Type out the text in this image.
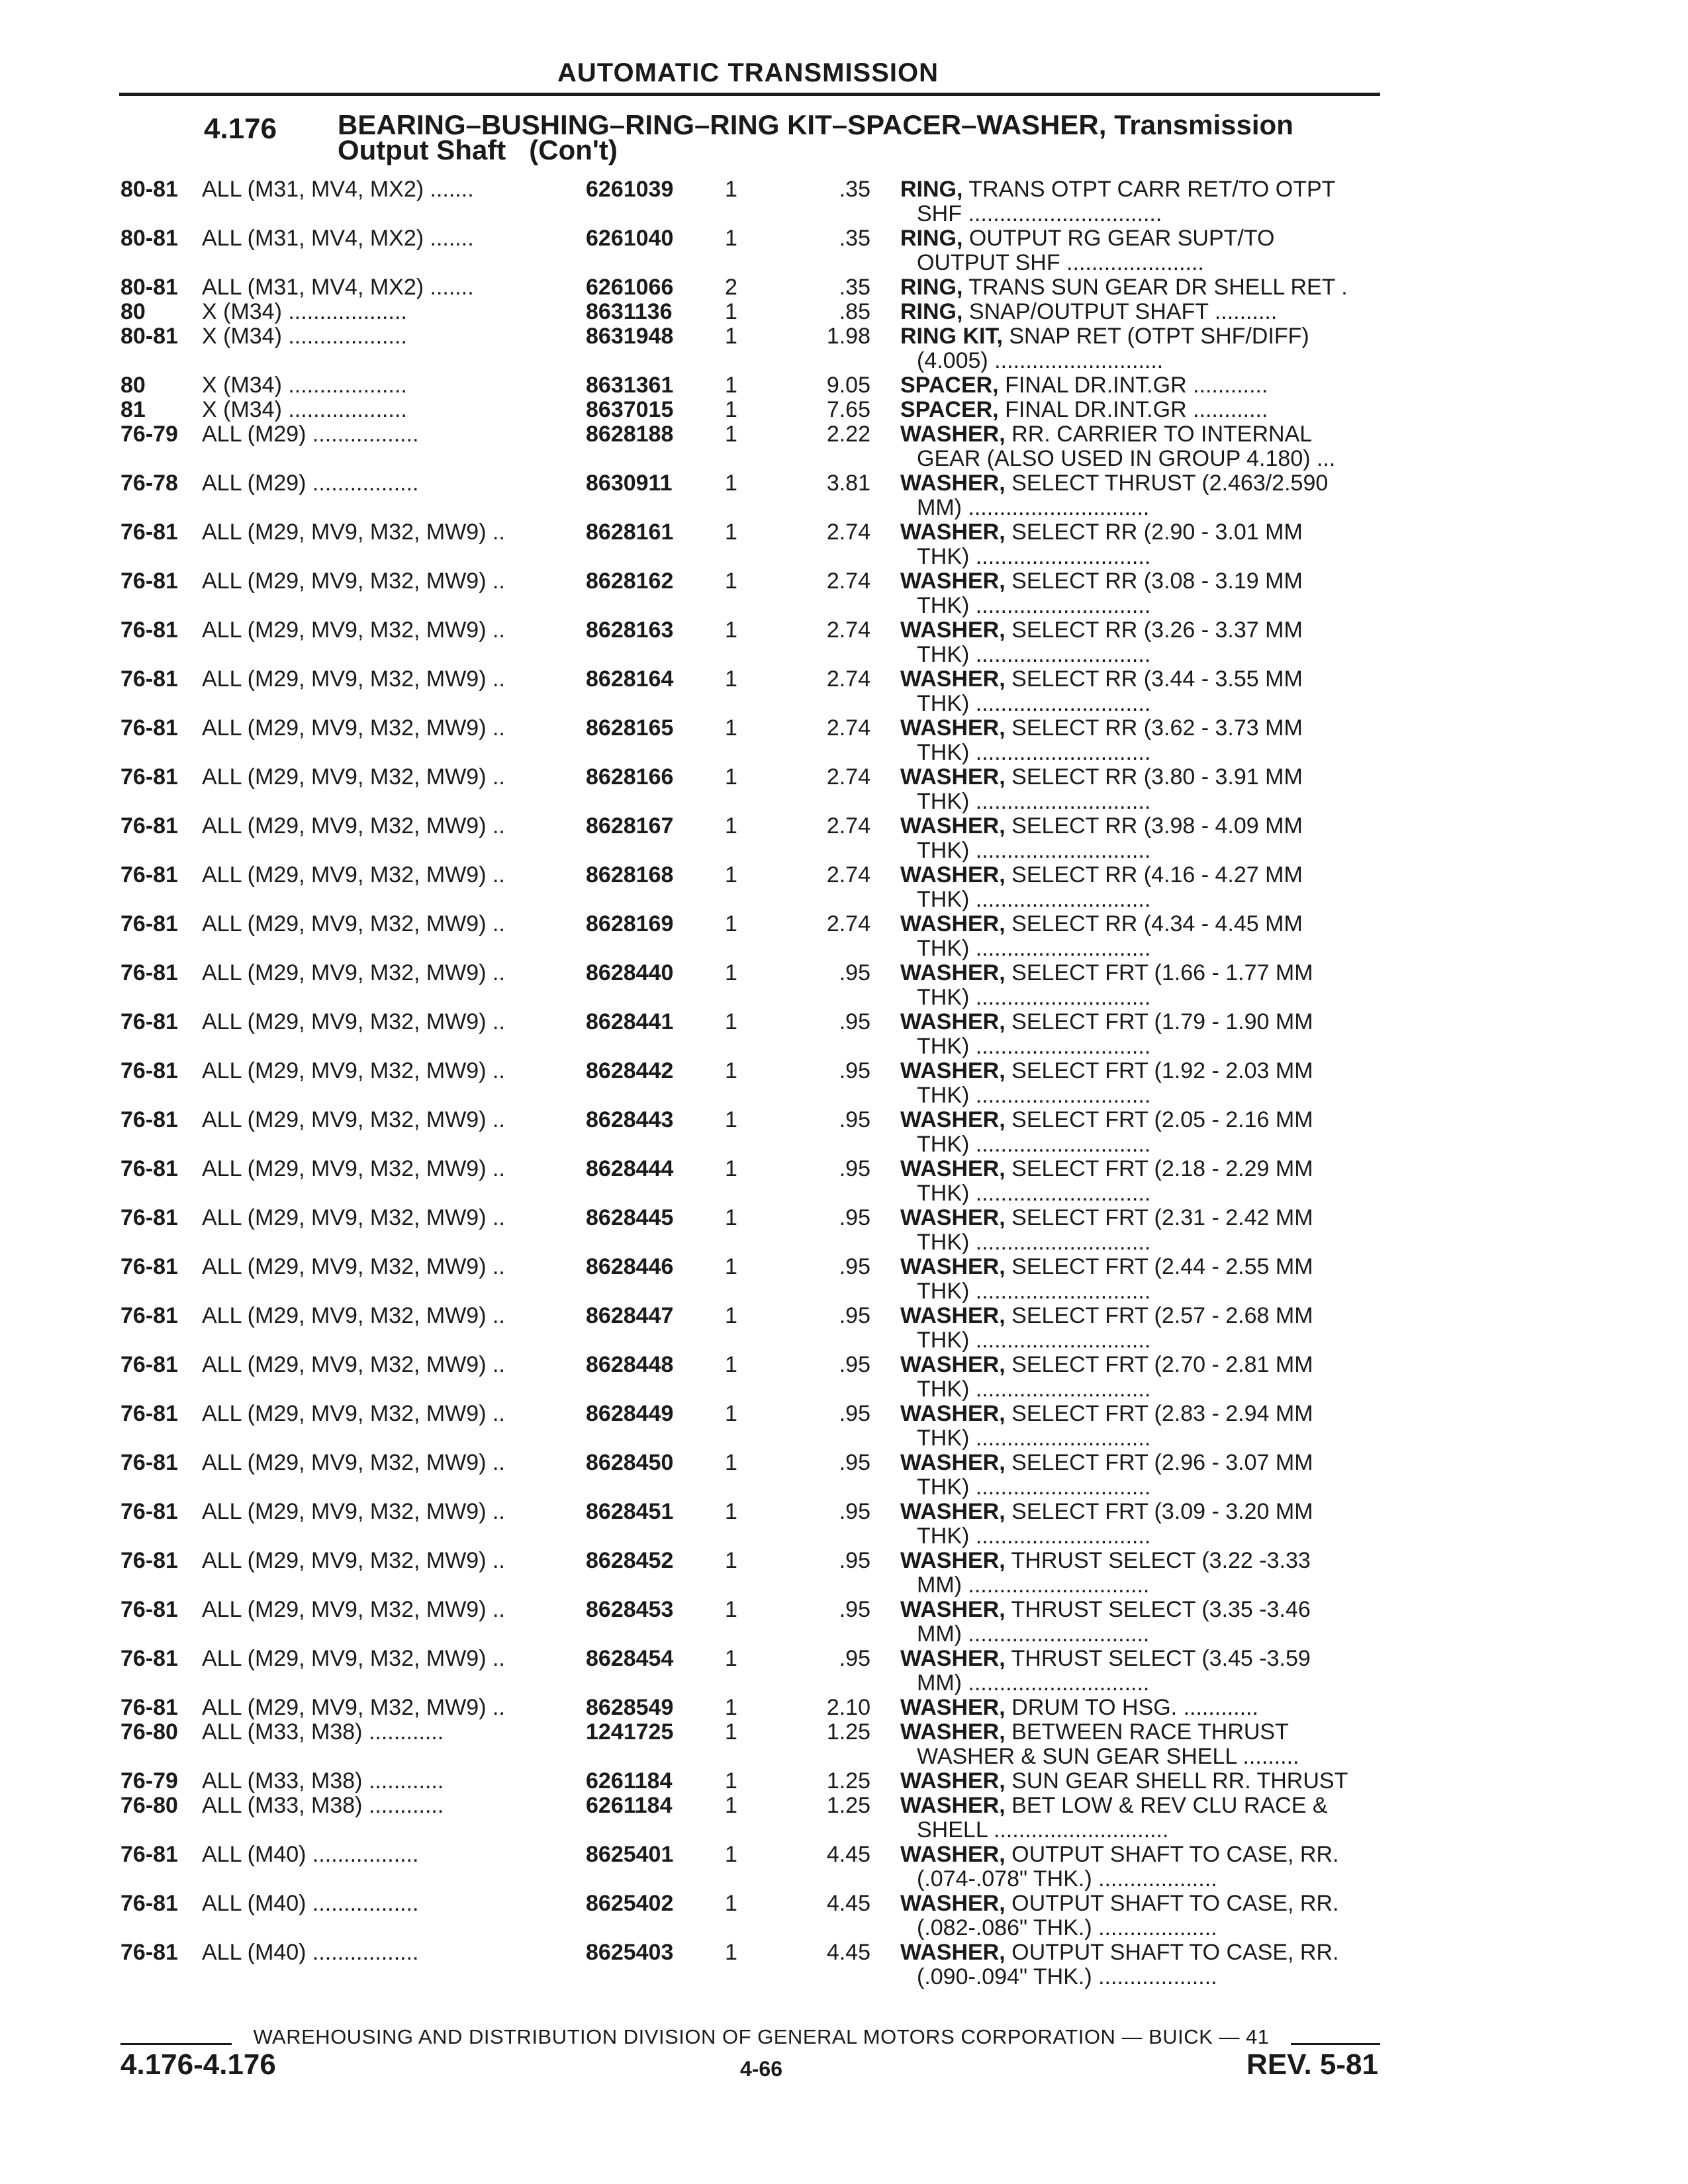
AUTOMATIC TRANSMISSION
4.176 BEARING–BUSHING–RING–RING KIT–SPACER–WASHER, Transmission
Output Shaft (Con't)
80-81 ALL (M31, MV4, MX2) .......	6261039 1	.35 RING, TRANS OTPT CARR RET/TO OTPT
SHF ...............................
80-81 ALL (M31, MV4, MX2) .......	6261040 1	.35 RING, OUTPUT RG GEAR SUPT/TO
OUTPUT SHF ......................
80-81 ALL (M31, MV4, MX2) .......	6261066 2	.35 RING, TRANS SUN GEAR DR SHELL RET .
80	X (M34) ...................	8631136 1	.85 RING, SNAP/OUTPUT SHAFT ..........
80-81 X (M34) ...................	8631948 1	1.98 RING KIT, SNAP RET (OTPT SHF/DIFF)
(4.005) ...........................
80	X (M34) ...................	8631361 1	9.05 SPACER, FINAL DR.INT.GR ............
81	X (M34) ...................	8637015 1	7.65 SPACER, FINAL DR.INT.GR ............
76-79 ALL (M29) .................	8628188 1	2.22 WASHER, RR. CARRIER TO INTERNAL
GEAR (ALSO USED IN GROUP 4.180) ...
76-78 ALL (M29) .................	8630911 1	3.81 WASHER, SELECT THRUST (2.463/2.590
MM) .............................
76-81 ALL (M29, MV9, M32, MW9) ..	8628161 1	2.74 WASHER, SELECT RR (2.90 - 3.01 MM
THK) ............................
76-81 ALL (M29, MV9, M32, MW9) ..	8628162 1	2.74 WASHER, SELECT RR (3.08 - 3.19 MM
THK) ............................
76-81 ALL (M29, MV9, M32, MW9) ..	8628163 1	2.74 WASHER, SELECT RR (3.26 - 3.37 MM
THK) ............................
76-81 ALL (M29, MV9, M32, MW9) ..	8628164 1	2.74 WASHER, SELECT RR (3.44 - 3.55 MM
THK) ............................
76-81 ALL (M29, MV9, M32, MW9) ..	8628165 1	2.74 WASHER, SELECT RR (3.62 - 3.73 MM
THK) ............................
76-81 ALL (M29, MV9, M32, MW9) ..	8628166 1	2.74 WASHER, SELECT RR (3.80 - 3.91 MM
THK) ............................
76-81 ALL (M29, MV9, M32, MW9) ..	8628167 1	2.74 WASHER, SELECT RR (3.98 - 4.09 MM
THK) ............................
76-81 ALL (M29, MV9, M32, MW9) ..	8628168 1	2.74 WASHER, SELECT RR (4.16 - 4.27 MM
THK) ............................
76-81 ALL (M29, MV9, M32, MW9) ..	8628169 1	2.74 WASHER, SELECT RR (4.34 - 4.45 MM
THK) ............................
76-81 ALL (M29, MV9, M32, MW9) ..	8628440 1	.95 WASHER, SELECT FRT (1.66 - 1.77 MM
THK) ............................
76-81 ALL (M29, MV9, M32, MW9) ..	8628441 1	.95 WASHER, SELECT FRT (1.79 - 1.90 MM
THK) ............................
76-81 ALL (M29, MV9, M32, MW9) ..	8628442 1	.95 WASHER, SELECT FRT (1.92 - 2.03 MM
THK) ............................
76-81 ALL (M29, MV9, M32, MW9) ..	8628443 1	.95 WASHER, SELECT FRT (2.05 - 2.16 MM
THK) ............................
76-81 ALL (M29, MV9, M32, MW9) ..	8628444 1	.95 WASHER, SELECT FRT (2.18 - 2.29 MM
THK) ............................
76-81 ALL (M29, MV9, M32, MW9) ..	8628445 1	.95 WASHER, SELECT FRT (2.31 - 2.42 MM
THK) ............................
76-81 ALL (M29, MV9, M32, MW9) ..	8628446 1	.95 WASHER, SELECT FRT (2.44 - 2.55 MM
THK) ............................
76-81 ALL (M29, MV9, M32, MW9) ..	8628447 1	.95 WASHER, SELECT FRT (2.57 - 2.68 MM
THK) ............................
76-81 ALL (M29, MV9, M32, MW9) ..	8628448 1	.95 WASHER, SELECT FRT (2.70 - 2.81 MM
THK) ............................
76-81 ALL (M29, MV9, M32, MW9) ..	8628449 1	.95 WASHER, SELECT FRT (2.83 - 2.94 MM
THK) ............................
76-81 ALL (M29, MV9, M32, MW9) ..	8628450 1	.95 WASHER, SELECT FRT (2.96 - 3.07 MM
THK) ............................
76-81 ALL (M29, MV9, M32, MW9) ..	8628451 1	.95 WASHER, SELECT FRT (3.09 - 3.20 MM
THK) ............................
76-81 ALL (M29, MV9, M32, MW9) ..	8628452 1	.95 WASHER, THRUST SELECT (3.22 -3.33
MM) .............................
76-81 ALL (M29, MV9, M32, MW9) ..	8628453 1	.95 WASHER, THRUST SELECT (3.35 -3.46
MM) .............................
76-81 ALL (M29, MV9, M32, MW9) ..	8628454 1	.95 WASHER, THRUST SELECT (3.45 -3.59
MM) .............................
76-81 ALL (M29, MV9, M32, MW9) ..	8628549 1	2.10 WASHER, DRUM TO HSG. ............
76-80 ALL (M33, M38) ............	1241725 1	1.25 WASHER, BETWEEN RACE THRUST
WASHER & SUN GEAR SHELL .........
76-79 ALL (M33, M38) ............	6261184 1	1.25 WASHER, SUN GEAR SHELL RR. THRUST
76-80 ALL (M33, M38) ............	6261184 1	1.25 WASHER, BET LOW & REV CLU RACE &
SHELL ............................
76-81 ALL (M40) .................	8625401 1	4.45 WASHER, OUTPUT SHAFT TO CASE, RR.
(.074-.078" THK.) ...................
76-81 ALL (M40) .................	8625402 1	4.45 WASHER, OUTPUT SHAFT TO CASE, RR.
(.082-.086" THK.) ...................
76-81 ALL (M40) .................	8625403 1	4.45 WASHER, OUTPUT SHAFT TO CASE, RR.
(.090-.094" THK.) ...................
WAREHOUSING AND DISTRIBUTION DIVISION OF GENERAL MOTORS CORPORATION — BUICK — 41
4.176-4.176	4-66	REV. 5-81
